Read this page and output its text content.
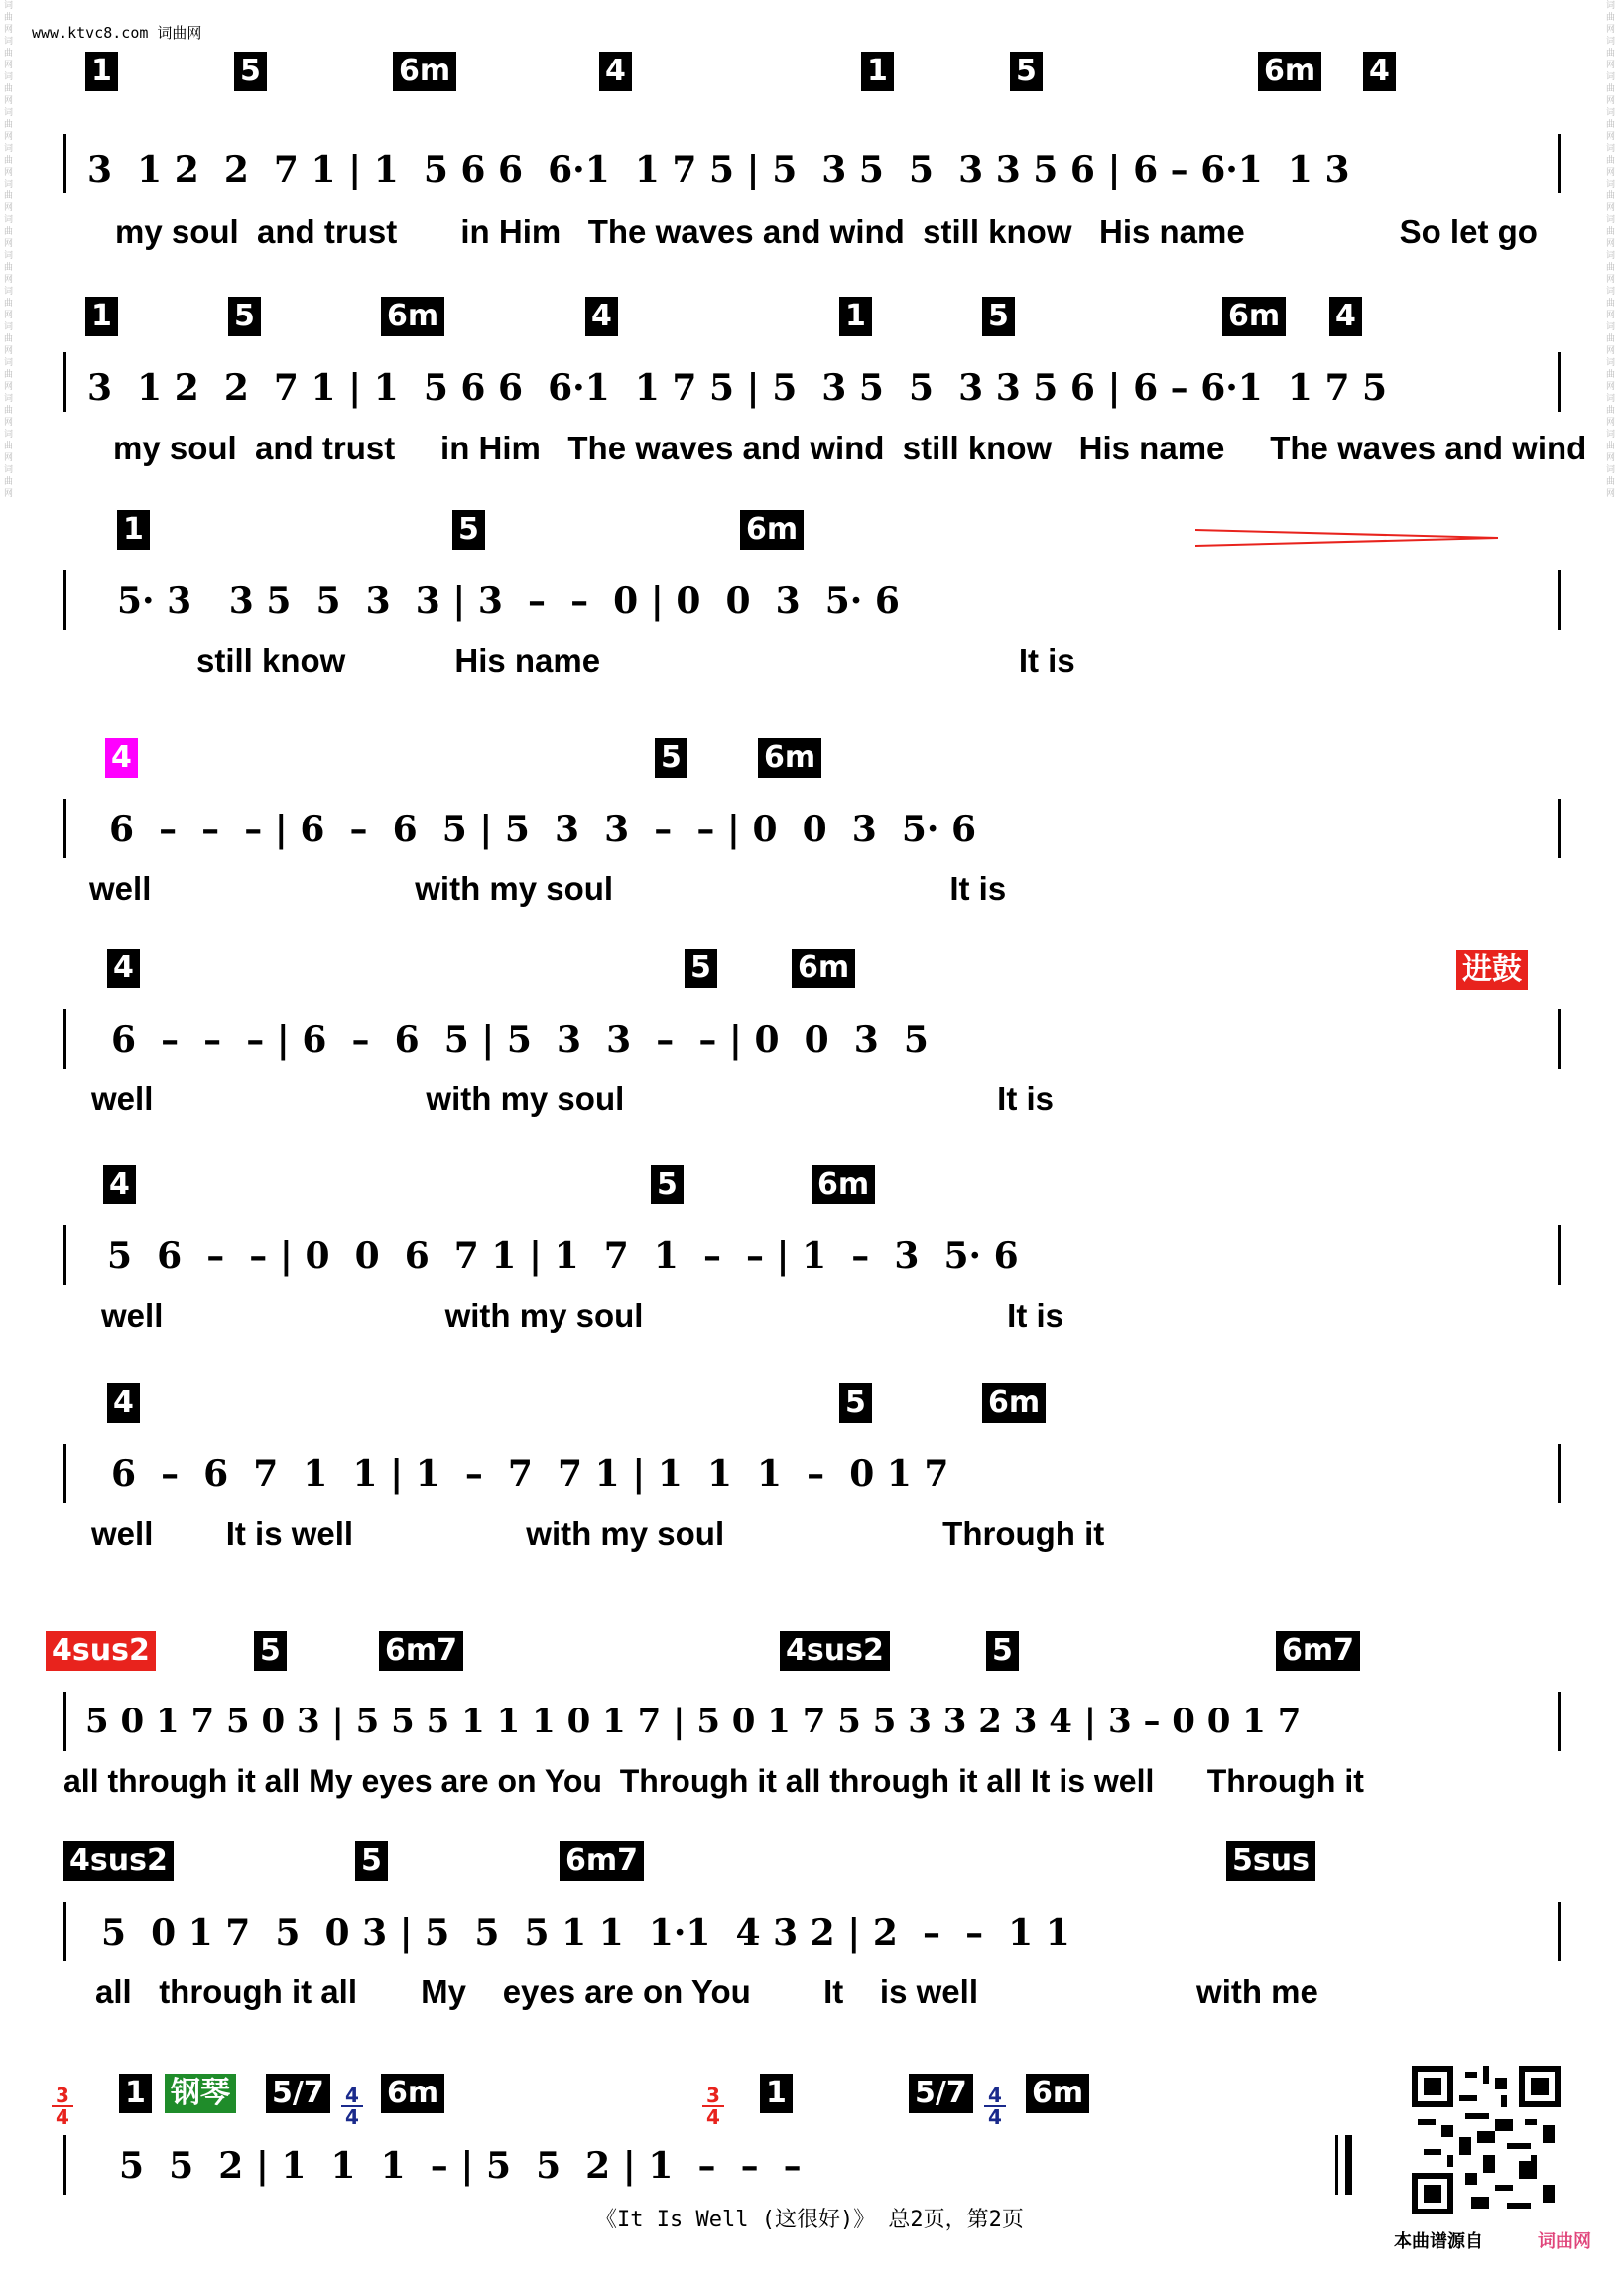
www.ktvc8.com 词曲网
词曲网词曲网词曲网词曲网词曲网词曲网词曲网词曲网词曲网词曲网词曲网词曲网词曲网词曲网
词曲网词曲网词曲网词曲网词曲网词曲网词曲网词曲网词曲网词曲网词曲网词曲网词曲网词曲网
1	5	6m	4	1	5	6m 4
3  1 2  2  7 1 | 1  5 6 6  6·1  1 7 5 | 5  3 5  5  3 3 5 6 | 6 – 6·1  1 3
my soul  and trust       in Him   The waves and wind  still know   His name                 So let go
1	5	6m	4	1	5	6m 4
3  1 2  2  7 1 | 1  5 6 6  6·1  1 7 5 | 5  3 5  5  3 3 5 6 | 6 – 6·1  1 7 5
my soul  and trust     in Him   The waves and wind  still know   His name     The waves and wind
1	5	6m
5· 3   3 5  5  3  3 | 3  –  –  0 | 0  0  3  5· 6
still know            His name                                              It is
4	5	6m
6  –  –  – | 6  –  6  5 | 5  3  3  –  – | 0  0  3  5· 6
well                             with my soul                                     It is
4	5	6m	进鼓
6  –  –  – | 6  –  6  5 | 5  3  3  –  – | 0  0  3  5
well                              with my soul                                         It is
4	5	6m
5  6  –  – | 0  0  6  7 1 | 1  7  1  –  – | 1  –  3  5· 6
well                               with my soul                                        It is
4	5	6m
6  –  6  7  1  1 | 1  –  7  7 1 | 1  1  1  –  0 1 7
well        It is well                   with my soul                        Through it
4sus2	5	6m7	4sus2	5	6m7
5 0 1 7 5 0 3 | 5 5 5 1 1 1 0 1 7 | 5 0 1 7 5 5 3 3 2 3 4 | 3 – 0 0 1 7
all through it all My eyes are on You  Through it all through it all It is well      Through it
4sus2	5	6m7	5sus
5  0 1 7  5  0 3 | 5  5  5 1 1  1·1  4 3 2 | 2  –  –  1 1
all   through it all       My    eyes are on You        It    is well                        with me
3
4
1 钢琴 5/7	4
4
6m	3
4
1	5/7	4
4
6m
5  5  2 | 1  1  1  – | 5  5  2 | 1  –  –  –
《It Is Well (这很好)》 总2页，第2页
本曲谱源自	词曲网
